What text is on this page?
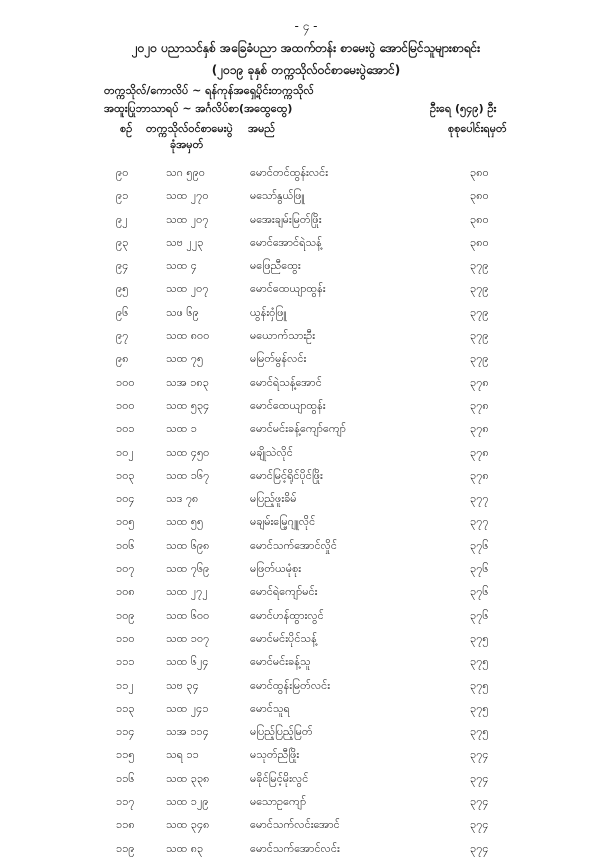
- ၄ -
၂၀၂၀ ပညာသင်နှစ် အခြေခံပညာ အထက်တန်း စာမေးပွဲ အောင်မြင်သူများစာရင်း
(၂၀၁၉ ခုနှစ် တက္ကသိုလ်ဝင်စာမေးပွဲအောင်)
တက္ကသိုလ်/ကောလိပ် ~ ရန်ကုန်အရှေ့ပိုင်းတက္ကသိုလ်
အထူးပြုဘာသာရပ် ~ အင်္ဂလိပ်စာ(အထွေထွေ)	ဦးရေ (၅၄၉) ဦး
စဉ် တက္ကသိုလ်ဝင်စာမေးပွဲ
ခုံအမှတ်
အမည်	စုစုပေါင်းရမှတ်
၉၀	သဂ ၅၉၀	မောင်တင်ထွန်းလင်း	၃၈၀
၉၁	သထ ၂၇၀	မသော်နွယ်ဖြူ	၃၈၀
၉၂	သထ ၂၀၇	မအေးချမ်းမြတ်ဖြိုး	၃၈၀
၉၃	သဗ ၂၂၃	မောင်အောင်ရဲသန့်	၃၈၀
၉၄	သထ ၄	မဖြေညီထွေး	၃၇၉
၉၅	သထ ၂၀၇	မောင်ထေယျာထွန်း	၃၇၉
၉၆	သဖ ၆၉	ယွန်းဝှံဖြူ	၃၇၉
၉၇	သထ ၈၀၀	မယောက်သားဦး	၃၇၉
၉၈	သထ ၇၅	မမြတ်မွန်လင်း	၃၇၉
၁၀၀	သအ ၁၈၃	မောင်ရဲသန့်အောင်	၃၇၈
၁၀၀	သထ ၅၃၄	မောင်ထေယျာထွန်း	၃၇၈
၁၀၁	သထ ၁	မောင်မင်းခန့်ကျော်ကျော်	၃၇၈
၁၀၂	သထ ၄၅၀	မချိုသဲလိုင်	၃၇၈
၁၀၃	သထ ၁၆၇	မောင်မြင့်ရိုင်ပိုင်ဖြိုး	၃၇၈
၁၀၄	သဒ ၇၈	မပြည့်ဖူးခိမ်	၃၇၇
၁၀၅	သထ ၅၅	မချမ်းမြေ့ဂျူလိုင်	၃၇၇
၁၀၆	သထ ၆၉၈	မောင်သက်အောင်လှိုင်	၃၇၆
၁၀၇	သထ ၇၆၉	မဖြတ်ယမုံစုး	၃၇၆
၁၀၈	သထ ၂၇၂	မောင်ရဲကျော်မင်း	၃၇၆
၁၀၉	သထ ၆၀၀	မောင်ဟန်ထွားလွင်	၃၇၆
၁၁၀	သထ ၁၀၇	မောင်မင်းပိုင်သန့်	၃၇၅
၁၁၁	သထ ၆၂၄	မောင်မင်းခန့်သူ	၃၇၅
၁၁၂	သဗ ၃၄	မောင်ထွန်းမြတ်လင်း	၃၇၅
၁၁၃	သထ ၂၄၁	မောင်သူရ	၃၇၅
၁၁၄	သအ ၁၁၄	မပြည့်ပြည့်မြတ်	၃၇၅
၁၁၅	သရ ၁၁	မသုတ်ညီဖြိုး	၃၇၄
၁၁၆	သထ ၃၃၈	မခိုင်မြင့်မိုးလွင်	၃၇၄
၁၁၇	သထ ၁၂၉	မသောဥကျော်	၃၇၄
၁၁၈	သထ ၃၄၈	မောင်သက်လင်းအောင်	၃၇၄
၁၁၉	သထ ၈၃	မောင်သက်အောင်လင်း	၃၇၄
